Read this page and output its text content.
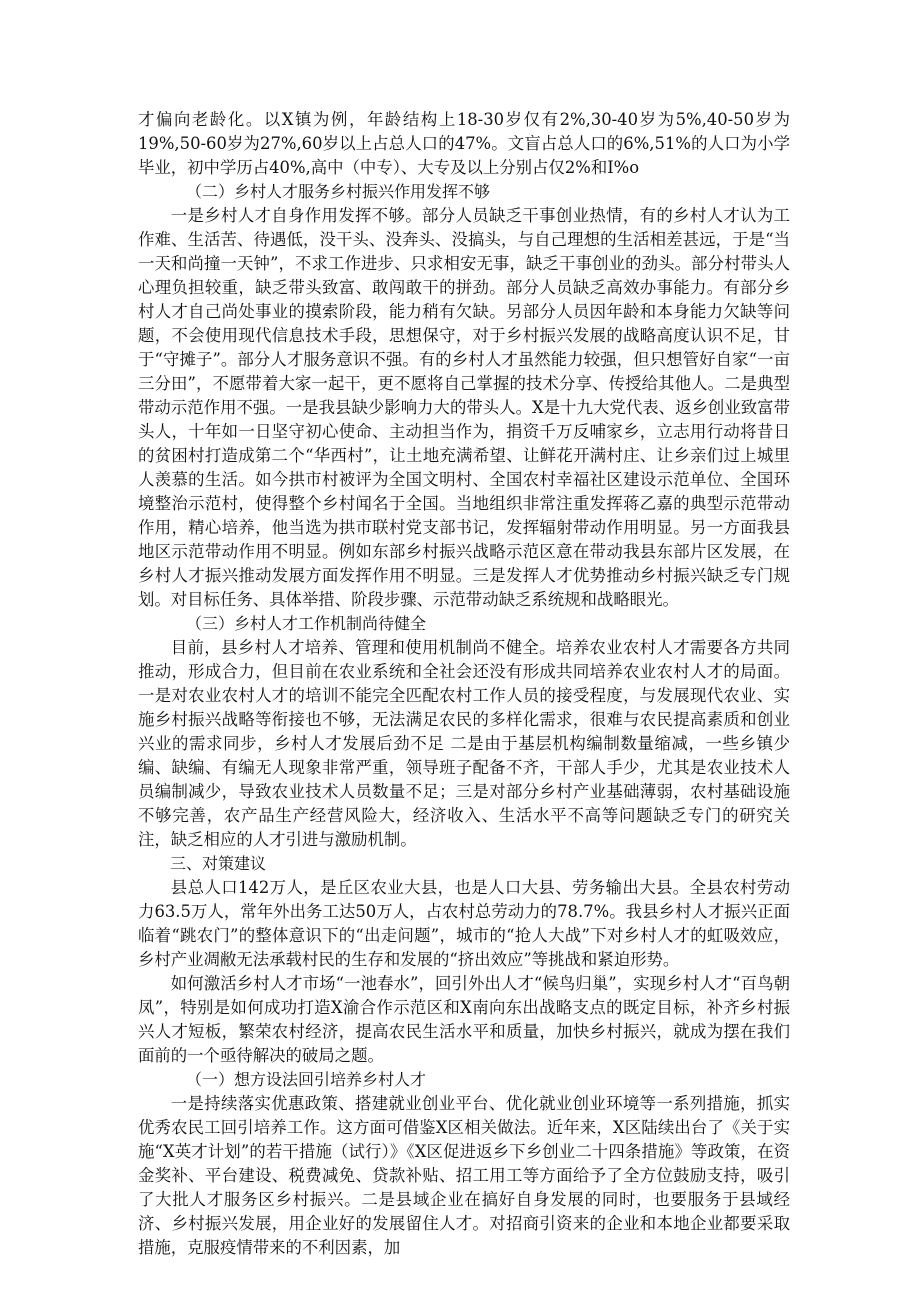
才偏向老龄化。以X镇为例，年龄结构上18-30岁仅有2%,30-40岁为5%,40-50岁为19%,50-60岁为27%,60岁以上占总人口的47%。文盲占总人口的6%,51%的人口为小学毕业，初中学历占40%,高中（中专）、大专及以上分别占仅2%和I%o

（二）乡村人才服务乡村振兴作用发挥不够

一是乡村人才自身作用发挥不够。部分人员缺乏干事创业热情，有的乡村人才认为工作难、生活苦、待遇低，没干头、没奔头、没搞头，与自己理想的生活相差甚远，于是“当一天和尚撞一天钟”，不求工作进步、只求相安无事，缺乏干事创业的劲头。部分村带头人心理负担较重，缺乏带头致富、敢闯敢干的拼劲。部分人员缺乏高效办事能力。有部分乡村人才自己尚处事业的摸索阶段，能力稍有欠缺。另部分人员因年龄和本身能力欠缺等问题，不会使用现代信息技术手段，思想保守，对于乡村振兴发展的战略高度认识不足，甘于“守摊子”。部分人才服务意识不强。有的乡村人才虽然能力较强，但只想管好自家“一亩三分田”，不愿带着大家一起干，更不愿将自己掌握的技术分享、传授给其他人。二是典型带动示范作用不强。一是我县缺少影响力大的带头人。X是十九大党代表、返乡创业致富带头人，十年如一日坚守初心使命、主动担当作为，捐资千万反哺家乡，立志用行动将昔日的贫困村打造成第二个“华西村”，让土地充满希望、让鲜花开满村庄、让乡亲们过上城里人羡慕的生活。如今拱市村被评为全国文明村、全国农村幸福社区建设示范单位、全国环境整治示范村，使得整个乡村闻名于全国。当地组织非常注重发挥蒋乙嘉的典型示范带动作用，精心培养，他当选为拱市联村党支部书记，发挥辐射带动作用明显。另一方面我县地区示范带动作用不明显。例如东部乡村振兴战略示范区意在带动我县东部片区发展，在乡村人才振兴推动发展方面发挥作用不明显。三是发挥人才优势推动乡村振兴缺乏专门规划。对目标任务、具体举措、阶段步骤、示范带动缺乏系统规和战略眼光。

（三）乡村人才工作机制尚待健全

目前，县乡村人才培养、管理和使用机制尚不健全。培养农业农村人才需要各方共同推动，形成合力，但目前在农业系统和全社会还没有形成共同培养农业农村人才的局面。一是对农业农村人才的培训不能完全匹配农村工作人员的接受程度，与发展现代农业、实施乡村振兴战略等衔接也不够，无法满足农民的多样化需求，很难与农民提高素质和创业兴业的需求同步，乡村人才发展后劲不足 二是由于基层机构编制数量缩减，一些乡镇少编、缺编、有编无人现象非常严重，领导班子配备不齐，干部人手少，尤其是农业技术人员编制减少，导致农业技术人员数量不足；三是对部分乡村产业基础薄弱，农村基础设施不够完善，农产品生产经营风险大，经济收入、生活水平不高等问题缺乏专门的研究关注，缺乏相应的人才引进与激励机制。

三、对策建议

县总人口142万人，是丘区农业大县，也是人口大县、劳务输出大县。全县农村劳动力63.5万人，常年外出务工达50万人，占农村总劳动力的78.7%。我县乡村人才振兴正面临着“跳农门”的整体意识下的“出走问题”，城市的“抢人大战”下对乡村人才的虹吸效应，乡村产业凋敝无法承载村民的生存和发展的“挤出效应”等挑战和紧迫形势。

如何激活乡村人才市场“一池春水”，回引外出人才“候鸟归巢”，实现乡村人才“百鸟朝凤”，特别是如何成功打造X渝合作示范区和X南向东出战略支点的既定目标，补齐乡村振兴人才短板，繁荣农村经济，提高农民生活水平和质量，加快乡村振兴，就成为摆在我们面前的一个亟待解决的破局之题。

（一）想方设法回引培养乡村人才

一是持续落实优惠政策、搭建就业创业平台、优化就业创业环境等一系列措施，抓实优秀农民工回引培养工作。这方面可借鉴X区相关做法。近年来，X区陆续出台了《关于实施“X英才计划”的若干措施（试行）》《X区促进返乡下乡创业二十四条措施》等政策，在资金奖补、平台建设、税费减免、贷款补贴、招工用工等方面给予了全方位鼓励支持，吸引了大批人才服务区乡村振兴。二是县域企业在搞好自身发展的同时，也要服务于县域经济、乡村振兴发展，用企业好的发展留住人才。对招商引资来的企业和本地企业都要采取措施，克服疫情带来的不利因素，加
